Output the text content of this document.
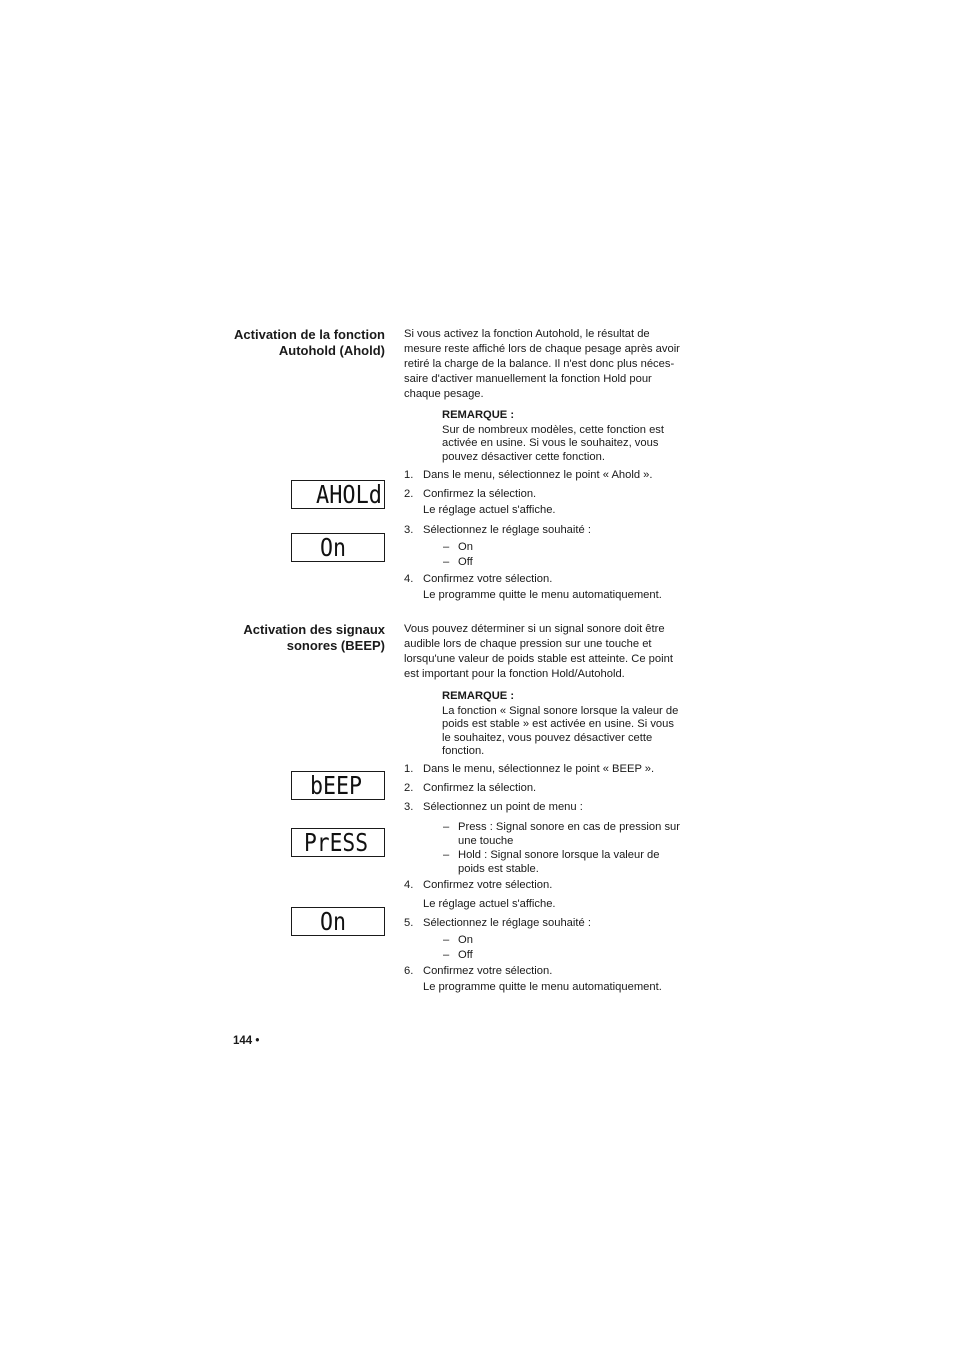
Activation de la fonction
Autohold (Ahold)
Si vous activez la fonction Autohold, le résultat de
mesure reste affiché lors de chaque pesage après avoir
retiré la charge de la balance. Il n'est donc plus néces-
saire d'activer manuellement la fonction Hold pour
chaque pesage.
REMARQUE :
Sur de nombreux modèles, cette fonction est
activée en usine. Si vous le souhaitez, vous
pouvez désactiver cette fonction.
1. Dans le menu, sélectionnez le point « Ahold ».
2. Confirmez la sélection.
Le réglage actuel s'affiche.
3. Sélectionnez le réglage souhaité :
– On
– Off
4. Confirmez votre sélection.
Le programme quitte le menu automatiquement.
AHOLd
On
Activation des signaux
sonores (BEEP)
Vous pouvez déterminer si un signal sonore doit être
audible lors de chaque pression sur une touche et
lorsqu'une valeur de poids stable est atteinte. Ce point
est important pour la fonction Hold/Autohold.
REMARQUE :
La fonction « Signal sonore lorsque la valeur de
poids est stable » est activée en usine. Si vous
le souhaitez, vous pouvez désactiver cette
fonction.
1. Dans le menu, sélectionnez le point « BEEP ».
2. Confirmez la sélection.
3. Sélectionnez un point de menu :
– Press : Signal sonore en cas de pression sur
une touche
– Hold : Signal sonore lorsque la valeur de
poids est stable.
4. Confirmez votre sélection.
Le réglage actuel s'affiche.
5. Sélectionnez le réglage souhaité :
– On
– Off
6. Confirmez votre sélection.
Le programme quitte le menu automatiquement.
bEEP
PrESS
On
144 •
